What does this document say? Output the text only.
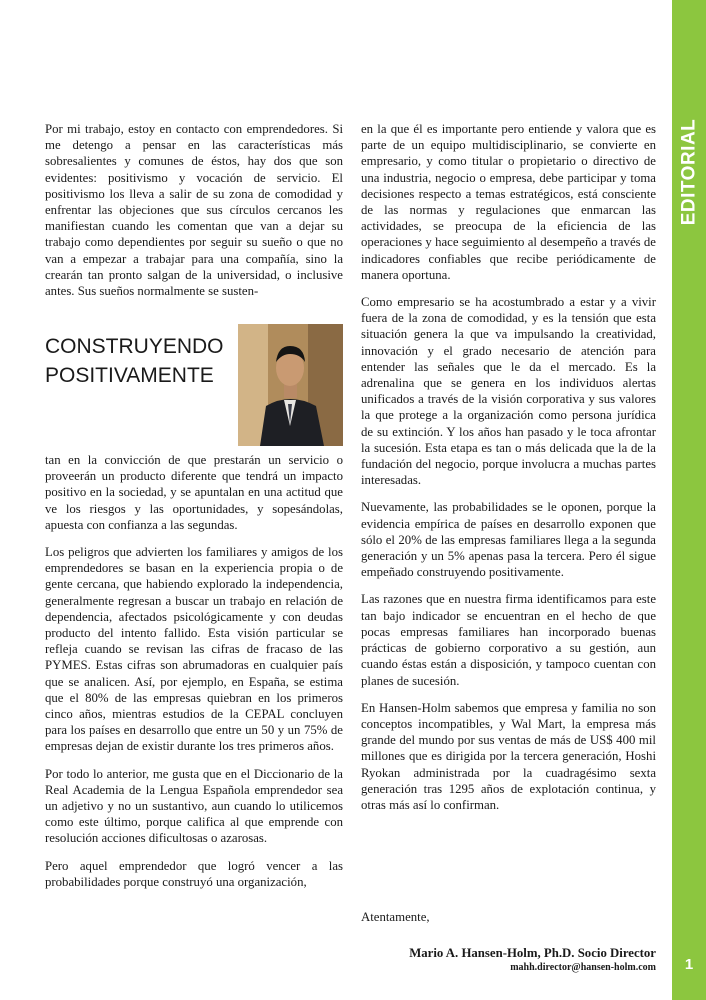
EDITORIAL
1

Por mi trabajo, estoy en contacto con emprendedores. Si me detengo a pensar en las características más sobresalientes y comunes de éstos, hay dos que son evidentes: positivismo y vocación de servicio. El positivismo los lleva a salir de su zona de comodidad y enfrentar las objeciones que sus círculos cercanos les manifiestan cuando les comentan que van a dejar su trabajo como dependientes por seguir su sueño o que no van a empezar a trabajar para una compañía, sino la crearán tan pronto salgan de la universidad, o inclusive antes. Sus sueños normalmente se susten-

CONSTRUYENDO
POSITIVAMENTE

tan en la convicción de que prestarán un servicio o proveerán un producto diferente que tendrá un impacto positivo en la sociedad, y se apuntalan en una actitud que ve los riesgos y las oportunidades, y sopesándolas, apuesta con confianza a las segundas.

Los peligros que advierten los familiares y amigos de los emprendedores se basan en la experiencia propia o de gente cercana, que habiendo explorado la independencia, generalmente regresan a buscar un trabajo en relación de dependencia, afectados psicológicamente y con deudas producto del intento fallido. Esta visión particular se refleja cuando se revisan las cifras de fracaso de las PYMES. Estas cifras son abrumadoras en cualquier país que se analicen. Así, por ejemplo, en España, se estima que el 80% de las empresas quiebran en los primeros cinco años, mientras estudios de la CEPAL concluyen para los países en desarrollo que entre un 50 y un 75% de empresas dejan de existir durante los tres primeros años.

Por todo lo anterior, me gusta que en el Diccionario de la Real Academia de la Lengua Española emprendedor sea un adjetivo y no un sustantivo, aun cuando lo utilicemos como este último, porque califica al que emprende con resolución acciones dificultosas o azarosas.

Pero aquel emprendedor que logró vencer a las probabilidades porque construyó una organización,

en la que él es importante pero entiende y valora que es parte de un equipo multidisciplinario, se convierte en empresario, y como titular o propietario o directivo de una industria, negocio o empresa, debe participar y toma decisiones respecto a temas estratégicos, está consciente de las normas y regulaciones que enmarcan las actividades, se preocupa de la eficiencia de las operaciones y hace seguimiento al desempeño a través de indicadores confiables que recibe periódicamente de manera oportuna.

Como empresario se ha acostumbrado a estar y a vivir fuera de la zona de comodidad, y es la tensión que esta situación genera la que va impulsando la creatividad, innovación y el grado necesario de atención para entender las señales que le da el mercado. Es la adrenalina que se genera en los individuos alertas unificados a través de la visión corporativa y sus valores la que protege a la organización como persona jurídica de su extinción. Y los años han pasado y le toca afrontar la sucesión. Esta etapa es tan o más delicada que la de la fundación del negocio, porque involucra a muchas partes interesadas.

Nuevamente, las probabilidades se le oponen, porque la evidencia empírica de países en desarrollo exponen que sólo el 20% de las empresas familiares llega a la segunda generación y un 5% apenas pasa la tercera. Pero él sigue empeñado construyendo positivamente.

Las razones que en nuestra firma identificamos para este tan bajo indicador se encuentran en el hecho de que pocas empresas familiares han incorporado buenas prácticas de gobierno corporativo a su gestión, aun cuando éstas están a disposición, y tampoco cuentan con planes de sucesión.

En Hansen-Holm sabemos que empresa y familia no son conceptos incompatibles, y Wal Mart, la empresa más grande del mundo por sus ventas de más de US$ 400 mil millones que es dirigida por la tercera generación, Hoshi Ryokan administrada por la cuadragésimo sexta generación tras 1295 años de explotación continua, y otras más así lo confirman.

Atentamente,
Mario A. Hansen-Holm, Ph.D. Socio Director
mahh.director@hansen-holm.com
